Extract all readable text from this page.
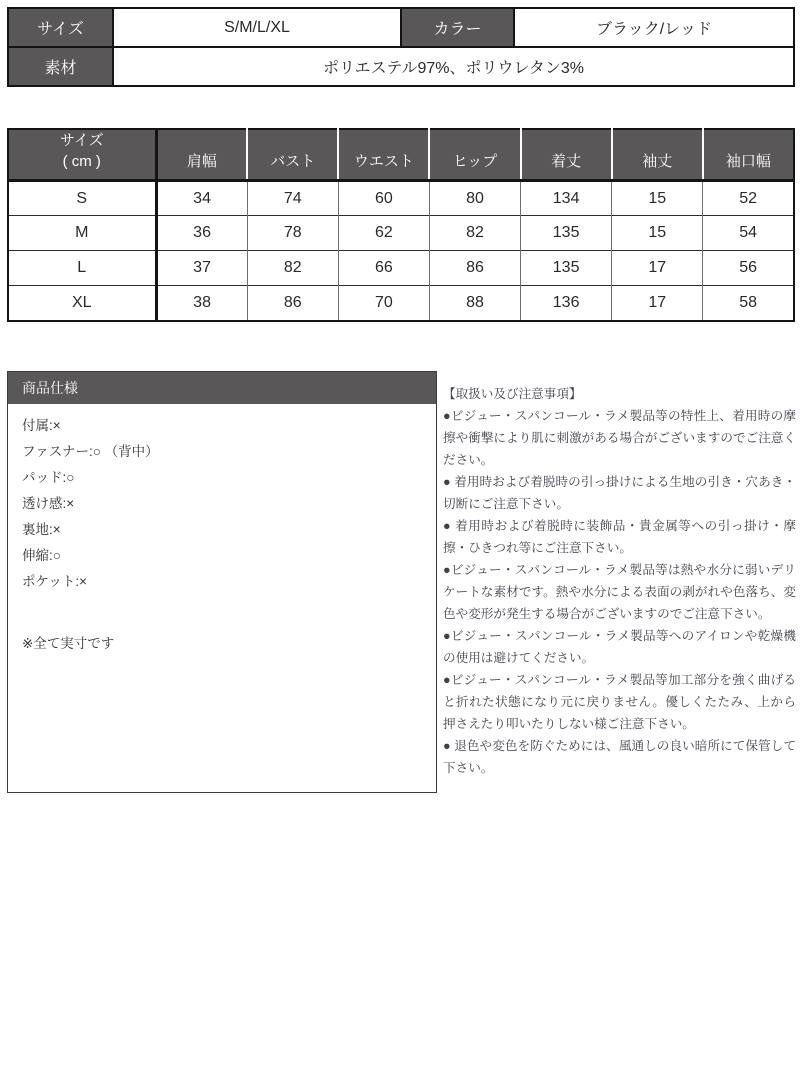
サイズ	S/M/L/XL	カラー	ブラック/レッド
素材	ポリエステル97%、ポリウレタン3%		
サイズ
( cm )	肩幅	バスト	ウエスト	ヒップ	着丈	袖丈	袖口幅
S	34	74	60	80	134	15	52
M	36	78	62	82	135	15	54
L	37	82	66	86	135	17	56
XL	38	86	70	88	136	17	58
商品仕様
付属:×
ファスナー:○ （背中）
パッド:○
透け感:×
裏地:×
伸縮:○
ポケット:×
※全て実寸です

【取扱い及び注意事項】

●ビジュー・スパンコール・ラメ製品等の特性上、着用時の摩擦や衝撃により肌に刺激がある場合がございますのでご注意ください。

● 着用時および着脱時の引っ掛けによる生地の引き・穴あき・切断にご注意下さい。

● 着用時および着脱時に装飾品・貴金属等への引っ掛け・摩擦・ひきつれ等にご注意下さい。

●ビジュー・スパンコール・ラメ製品等は熱や水分に弱いデリケートな素材です。熱や水分による表面の剥がれや色落ち、変色や変形が発生する場合がございますのでご注意下さい。

●ビジュー・スパンコール・ラメ製品等へのアイロンや乾燥機の使用は避けてください。

●ビジュー・スパンコール・ラメ製品等加工部分を強く曲げると折れた状態になり元に戻りません。優しくたたみ、上から押さえたり叩いたりしない様ご注意下さい。

● 退色や変色を防ぐためには、風通しの良い暗所にて保管して下さい。
